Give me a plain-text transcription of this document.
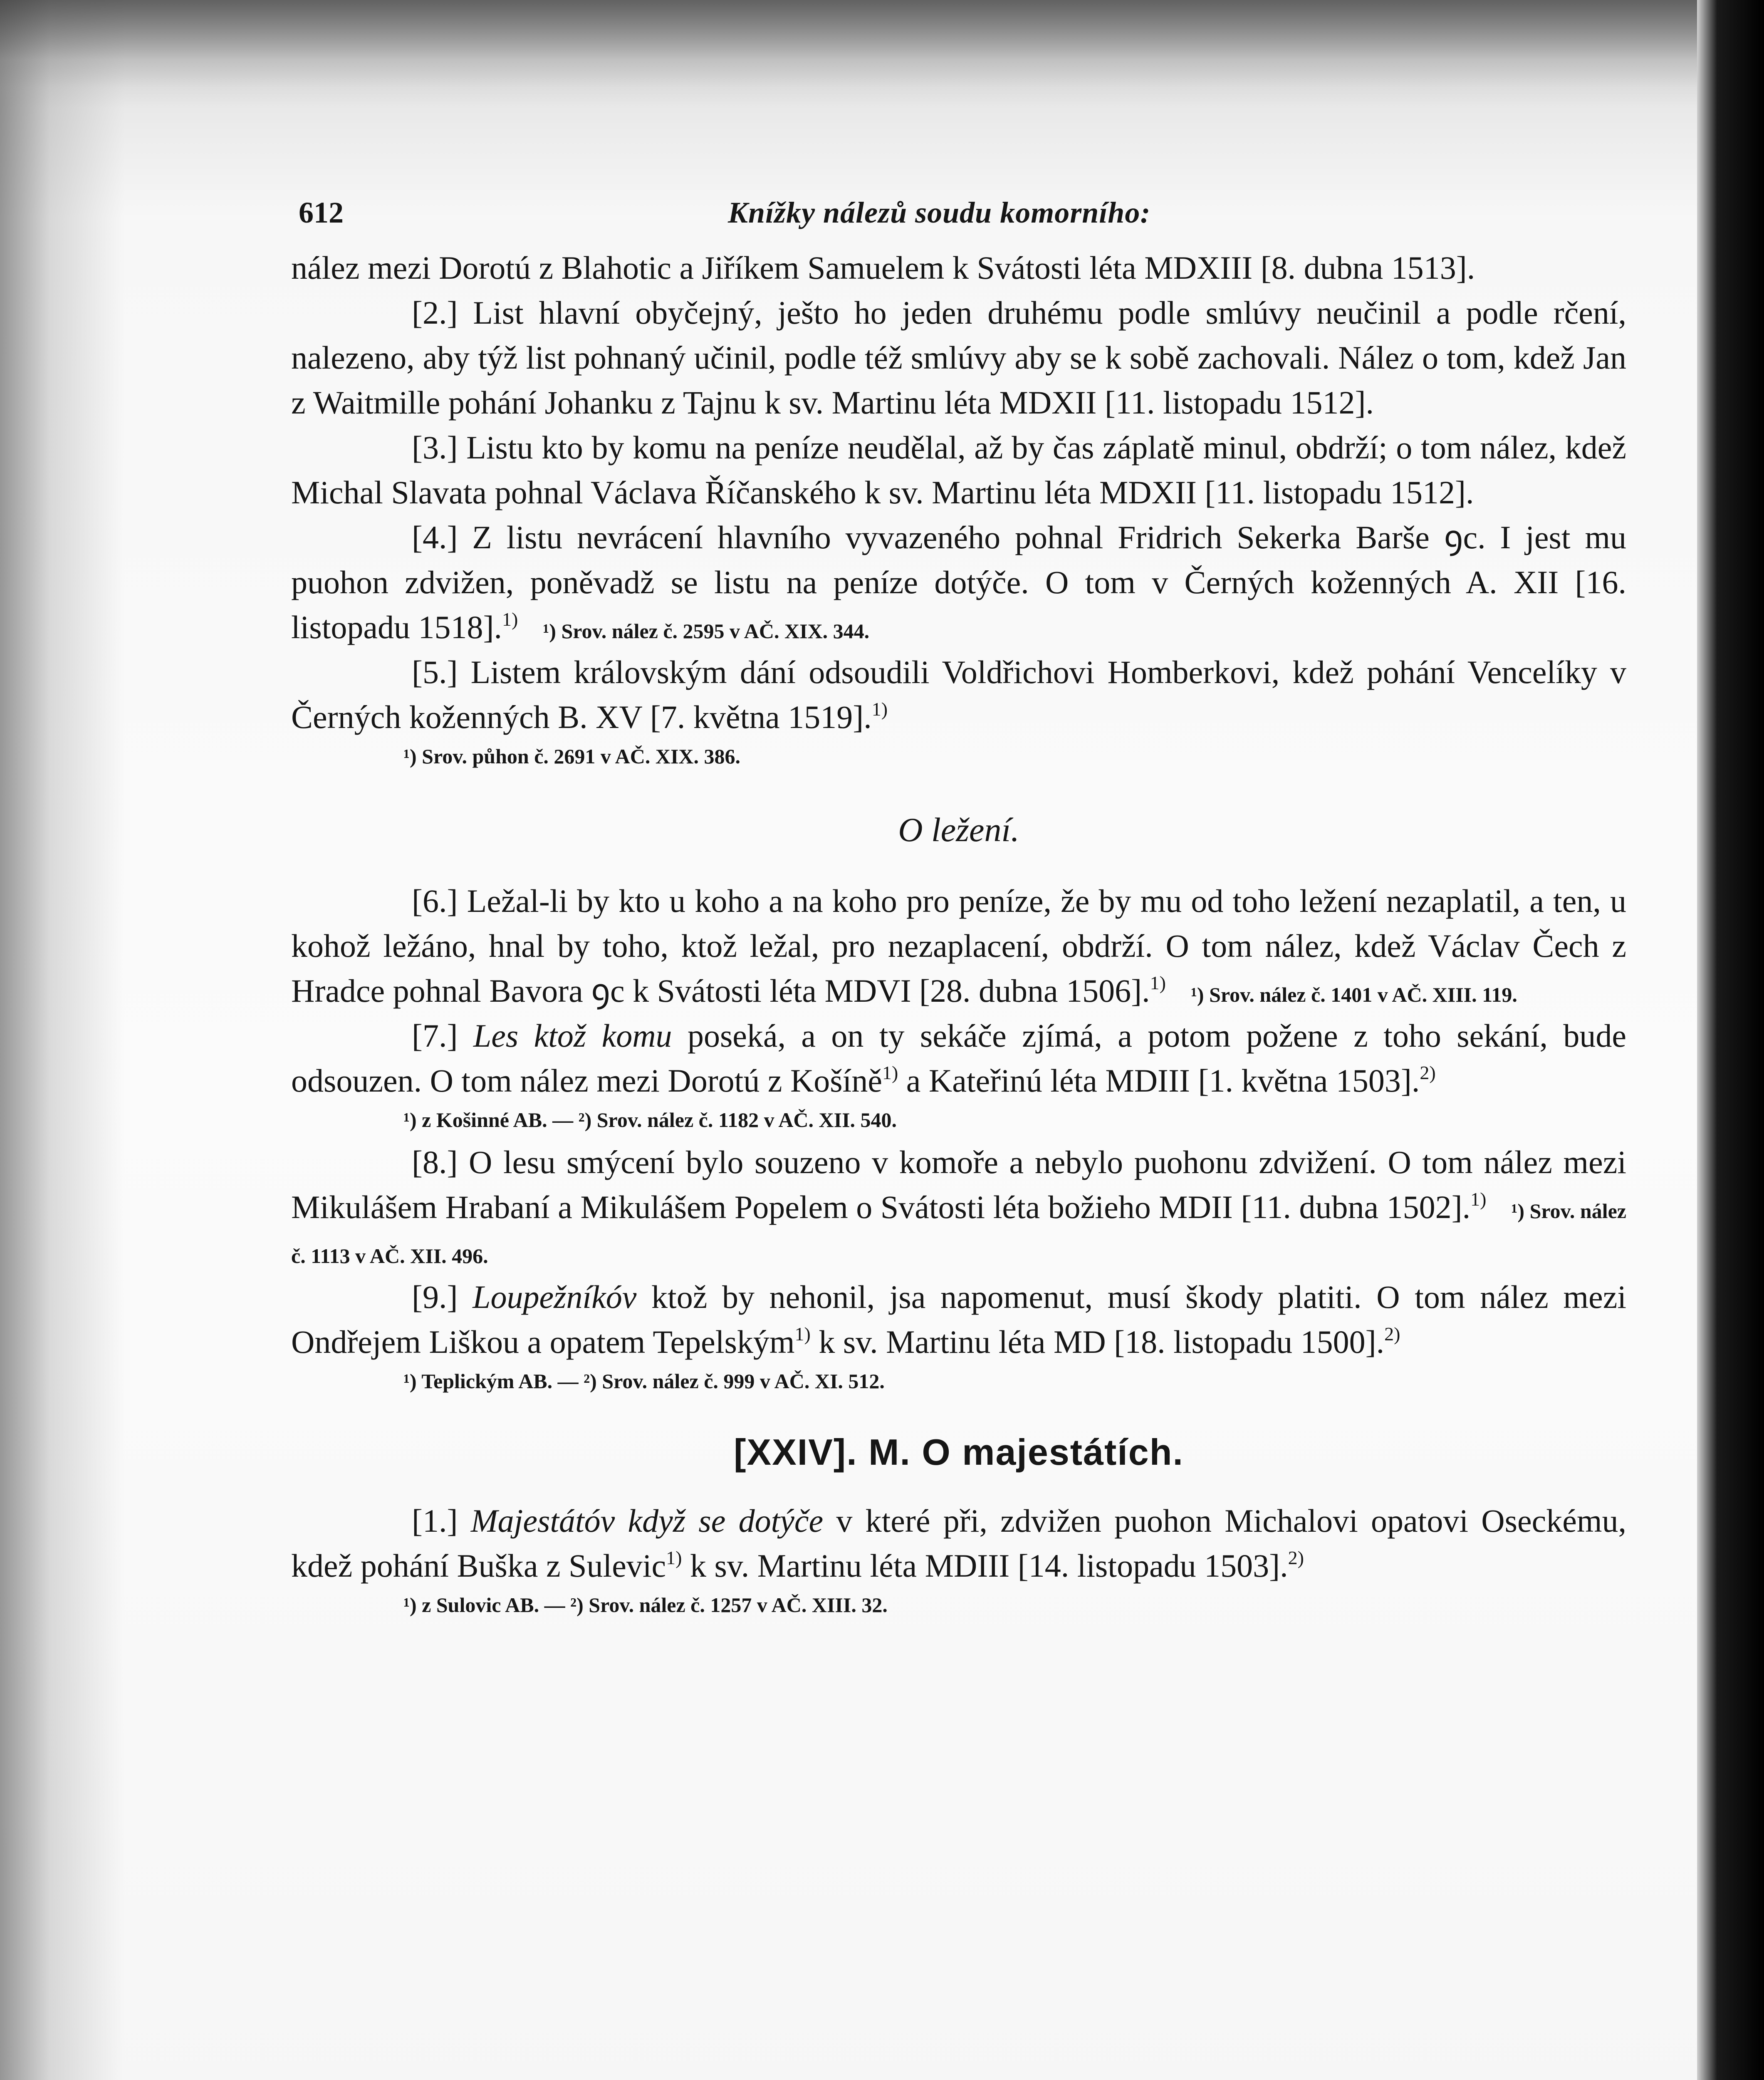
612	Knížky nálezů soudu komorního:

nález mezi Dorotú z Blahotic a Jiříkem Samuelem k Svátosti léta MDXIII [8. dubna 1513].

[2.] List hlavní obyčejný, ješto ho jeden druhému podle smlúvy neučinil a podle rčení, nalezeno, aby týž list pohnaný učinil, podle též smlúvy aby se k sobě zachovali. Nález o tom, kdež Jan z Waitmille pohání Johanku z Tajnu k sv. Martinu léta MDXII [11. listopadu 1512].

[3.] Listu kto by komu na peníze neudělal, až by čas záplatě minul, obdrží; o tom nález, kdež Michal Slavata pohnal Václava Říčanského k sv. Martinu léta MDXII [11. listopadu 1512].

[4.] Z listu nevrácení hlavního vyvazeného pohnal Fridrich Sekerka Barše ꝯc. I jest mu puohon zdvižen, poněvadž se listu na peníze dotýče. O tom v Černých koženných A. XII [16. listopadu 1518].$^{1)}$¹) Srov. nález č. 2595 v AČ. XIX. 344.

[5.] Listem královským dání odsoudili Voldřichovi Homberkovi, kdež pohání Vencelíky v Černých koženných B. XV [7. května 1519].$^{1)}$

¹) Srov. půhon č. 2691 v AČ. XIX. 386.

O ležení.

[6.] Ležal-li by kto u koho a na koho pro peníze, že by mu od toho ležení nezaplatil, a ten, u kohož ležáno, hnal by toho, ktož ležal, pro nezaplacení, obdrží. O tom nález, kdež Václav Čech z Hradce pohnal Bavora ꝯc k Svátosti léta MDVI [28. dubna 1506].$^{1)}$¹) Srov. nález č. 1401 v AČ. XIII. 119.

[7.] Les ktož komu poseká, a on ty sekáče zjímá, a potom požene z toho sekání, bude odsouzen. O tom nález mezi Dorotú z Košíně$^{1)}$ a Kateřinú léta MDIII [1. května 1503].$^{2)}$

¹) z Košinné AB. — ²) Srov. nález č. 1182 v AČ. XII. 540.

[8.] O lesu smýcení bylo souzeno v komoře a nebylo puohonu zdvižení. O tom nález mezi Mikulášem Hrabaní a Mikulášem Popelem o Svátosti léta božieho MDII [11. dubna 1502].$^{1)}$¹) Srov. nález č. 1113 v AČ. XII. 496.

[9.] Loupežníkóv ktož by nehonil, jsa napomenut, musí škody platiti. O tom nález mezi Ondřejem Liškou a opatem Tepelským$^{1)}$ k sv. Martinu léta MD [18. listopadu 1500].$^{2)}$

¹) Teplickým AB. — ²) Srov. nález č. 999 v AČ. XI. 512.

[XXIV]. M. O majestátích.

[1.] Majestátóv když se dotýče v které při, zdvižen puohon Michalovi opatovi Oseckému, kdež pohání Buška z Sulevic$^{1)}$ k sv. Martinu léta MDIII [14. listopadu 1503].$^{2)}$

¹) z Sulovic AB. — ²) Srov. nález č. 1257 v AČ. XIII. 32.
